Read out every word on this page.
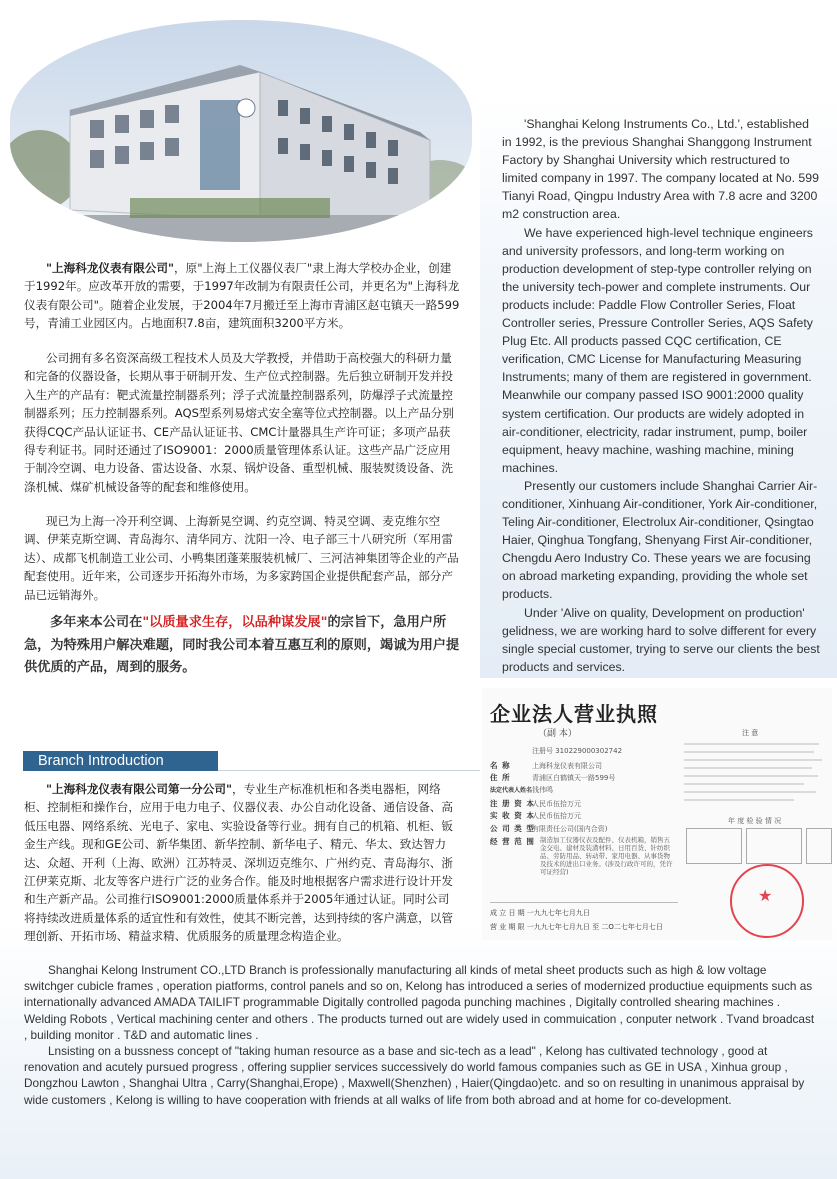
'Shanghai Kelong Instruments Co., Ltd.', established in 1992, is the previous Shanghai Shanggong Instrument Factory by Shanghai University which restructured to limited company in 1997. The company located at No. 599 Tianyi Road, Qingpu Industry Area with 7.8 acre and 3200 m2 construction area.

We have experienced high-level technique engineers and university professors, and long-term working on production development of step-type controller relying on the university tech-power and complete instruments. Our products include: Paddle Flow Controller Series, Float Controller series, Pressure Controller Series, AQS Safety Plug Etc. All products passed CQC certification, CE verification, CMC License for Manufacturing Measuring Instruments; many of them are registered in government. Meanwhile our company passed ISO 9001:2000 quality system certification. Our products are widely adopted in air-conditioner, electricity, radar instrument, pump, boiler equipment, heavy machine, washing machine, mining machines.

Presently our customers include Shanghai Carrier Air-conditioner, Xinhuang Air-conditioner, York Air-conditioner, Teling Air-conditioner, Electrolux Air-conditioner, Qsingtao Haier, Qinghua Tongfang, Shenyang First Air-conditioner, Chengdu Aero Industry Co. These years we are focusing on abroad marketing expanding, providing the whole set products.

Under 'Alive on quality, Development on production' gelidness, we are working hard to solve different for every single special customer, trying to serve our clients the best products and services.

"上海科龙仪表有限公司"，原"上海上工仪器仪表厂"隶上海大学校办企业，创建于1992年。应改革开放的需要，于1997年改制为有限责任公司，并更名为"上海科龙仪表有限公司"。随着企业发展，于2004年7月搬迁至上海市青浦区赵屯镇天一路599号，青浦工业园区内。占地面积7.8亩，建筑面积3200平方米。

公司拥有多名资深高级工程技术人员及大学教授，并借助于高校强大的科研力量和完备的仪器设备，长期从事于研制开发、生产位式控制器。先后独立研制开发并投入生产的产品有：靶式流量控制器系列；浮子式流量控制器系列，防爆浮子式流量控制器系列；压力控制器系列。AQS型系列易熔式安全塞等位式控制器。以上产品分别获得CQC产品认证证书、CE产品认证证书、CMC计量器具生产许可证；多项产品获得专利证书。同时还通过了ISO9001：2000质量管理体系认证。这些产品广泛应用于制冷空调、电力设备、雷达设备、水泵、锅炉设备、重型机械、服装熨烫设备、洗涤机械、煤矿机械设备等的配套和维修使用。

现已为上海一冷开利空调、上海新晃空调、约克空调、特灵空调、麦克维尔空调、伊莱克斯空调、青岛海尔、清华同方、沈阳一冷、电子部三十八研究所（军用雷达）、成都飞机制造工业公司、小鸭集团蓬莱服装机械厂、三河洁神集团等企业的产品配套使用。近年来，公司逐步开拓海外市场，为多家跨国企业提供配套产品，部分产品已远销海外。

多年来本公司在"以质量求生存，以品种谋发展"的宗旨下，急用户所急，为特殊用户解决难题，同时我公司本着互惠互利的原则，竭诚为用户提供优质的产品，周到的服务。

企业法人营业执照
（副 本）
注册号 310229000302742
名 称	上海科龙仪表有限公司
住 所	青浦区白鹤镇天一路599号
法定代表人姓名钱伟鸣
注 册 资 本人民币伍拾万元
实 收 资 本人民币伍拾万元
公 司 类 型有限责任公司(国内合资)
经 营 范 围 制造加工仪器仪表及配件、仪表机箱，销售五金交电、建材及装潢材料、日用百货、针纺织品、劳防用品、转动带、家用电器、从事货物及技术的进出口业务。(涉及行政许可的，凭许可证经营)
成 立 日 期 一九九七年七月九日
营 业 期 限 一九九七年七月九日 至 二O二七年七月七日
注 意
年 度 检 验 情 况
★
Branch Introduction

"上海科龙仪表有限公司第一分公司"，专业生产标准机柜和各类电器柜，网络柜、控制柜和操作台，应用于电力电子、仪器仪表、办公自动化设备、通信设备、高低压电器、网络系统、光电子、家电、实验设备等行业。拥有自己的机箱、机柜、钣金生产线。现和GE公司、新华集团、新华控制、新华电子、精元、华太、致达智力达、众超、开利（上海、欧洲）江苏特灵、深圳迈克维尔、广州约克、青岛海尔、浙江伊莱克斯、北友等客户进行广泛的业务合作。能及时地根据客户需求进行设计开发和生产新产品。公司推行ISO9001:2000质量体系并于2005年通过认证。同时公司将持续改进质量体系的适宜性和有效性，使其不断完善，达到持续的客户满意，以管理创新、开拓市场、精益求精、优质服务的质量理念构造企业。

Shanghai Kelong Instrument CO.,LTD Branch is professionally manufacturing all kinds of metal sheet products such as high & low voltage switchger cubicle frames , operation piatforms, control panels and so on, Kelong has introduced a series of modernized productiue equipments such as internationally advanced AMADA TAILIFT programmable Digitally controlled pagoda punching machines , Digitally controlled shearing machines . Welding Robots , Vertical machining center and others . The products turned out are widely used in commuication , conputer network . Tvand broadcast , building monitor . T&D and automatic lines .

Lnsisting on a bussness concept of "taking human resource as a base and sic-tech as a lead" , Kelong has cultivated technology , good at renovation and acutely pursued progress , offering supplier services successively do world famous companies such as GE in USA , Xinhua group , Dongzhou Lawton , Shanghai Ultra , Carry(Shanghai,Erope) , Maxwell(Shenzhen) , Haier(Qingdao)etc. and so on resulting in unanimous appraisal by wide customers , Kelong is willing to have cooperation with friends at all walks of life from both abroad and at home for co-development.
